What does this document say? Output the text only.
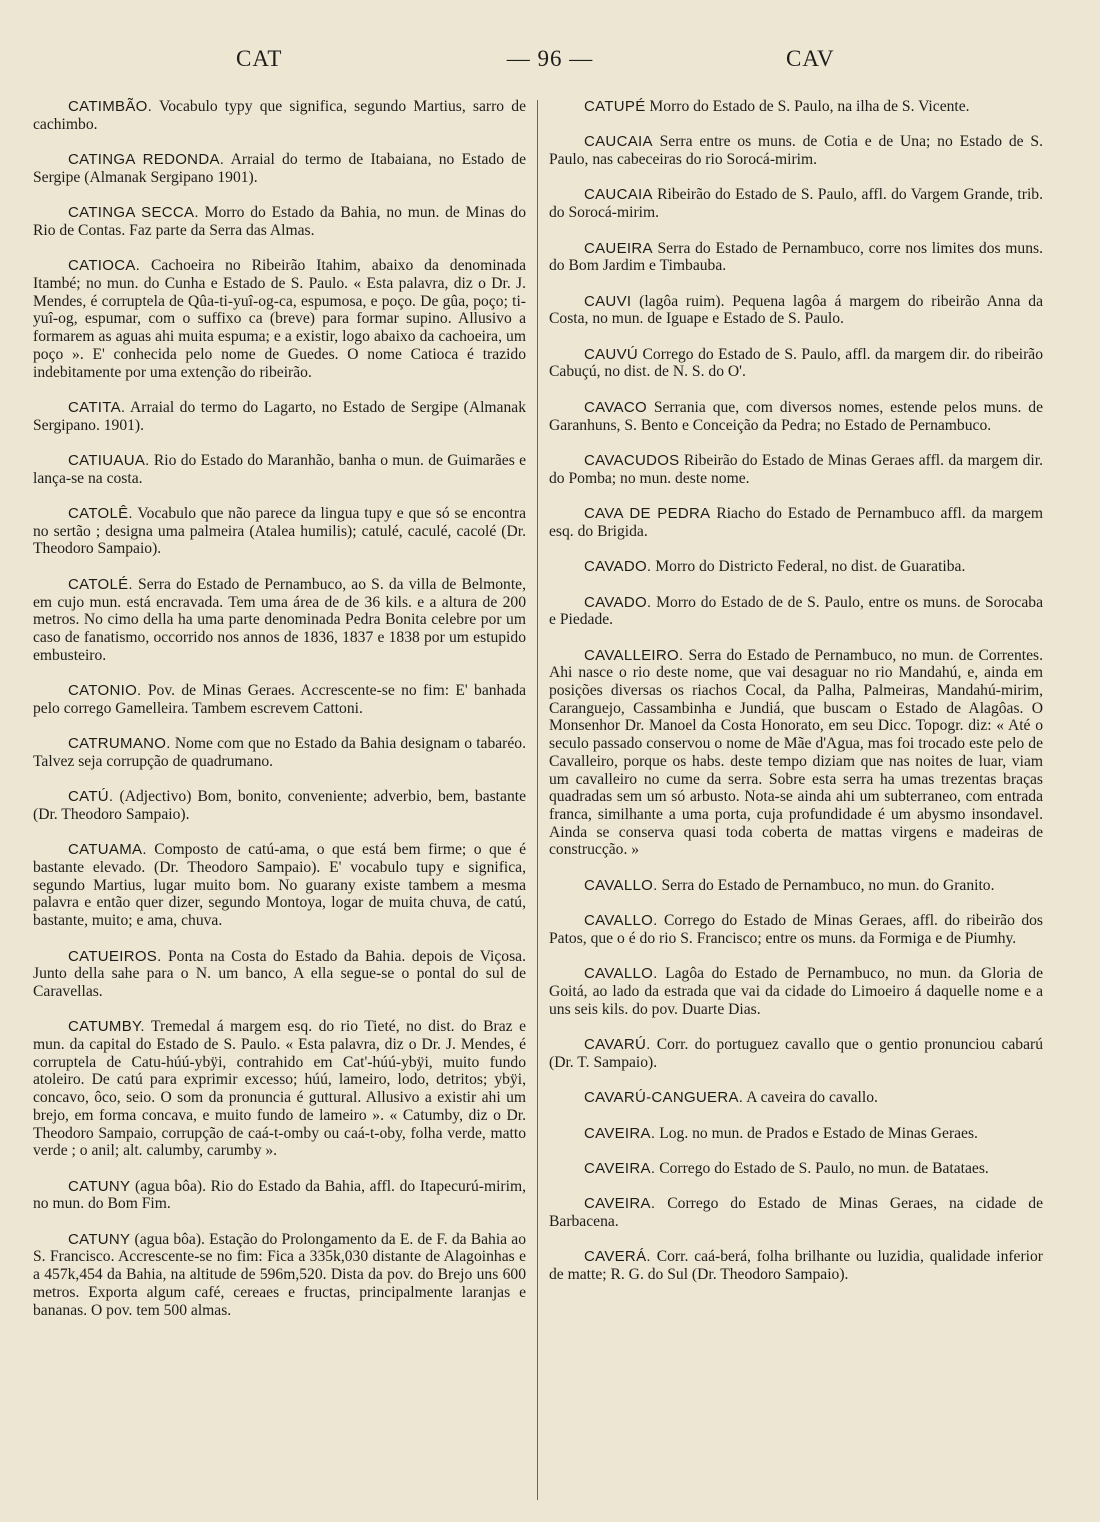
CAT	— 96 —	CAV

CATIMBÃO. Vocabulo typy que significa, segundo Martius, sarro de cachimbo.

CATINGA REDONDA. Arraial do termo de Itabaiana, no Estado de Sergipe (Almanak Sergipano 1901).

CATINGA SECCA. Morro do Estado da Bahia, no mun. de Minas do Rio de Contas. Faz parte da Serra das Almas.

CATIOCA. Cachoeira no Ribeirão Itahim, abaixo da denominada Itambé; no mun. do Cunha e Estado de S. Paulo. « Esta palavra, diz o Dr. J. Mendes, é corruptela de Qûa-ti-yuî-og-ca, espumosa, e poço. De gûa, poço; ti-yuî-og, espumar, com o suffixo ca (breve) para formar supino. Allusivo a formarem as aguas ahi muita espuma; e a existir, logo abaixo da cachoeira, um poço ». E' conhecida pelo nome de Guedes. O nome Catioca é trazido indebitamente por uma extenção do ribeirão.

CATITA. Arraial do termo do Lagarto, no Estado de Sergipe (Almanak Sergipano. 1901).

CATIUAUA. Rio do Estado do Maranhão, banha o mun. de Guimarães e lança-se na costa.

CATOLÊ. Vocabulo que não parece da lingua tupy e que só se encontra no sertão ; designa uma palmeira (Atalea humilis); catulé, caculé, cacolé (Dr. Theodoro Sampaio).

CATOLÉ. Serra do Estado de Pernambuco, ao S. da villa de Belmonte, em cujo mun. está encravada. Tem uma área de de 36 kils. e a altura de 200 metros. No cimo della ha uma parte denominada Pedra Bonita celebre por um caso de fanatismo, occorrido nos annos de 1836, 1837 e 1838 por um estupido embusteiro.

CATONIO. Pov. de Minas Geraes. Accrescente-se no fim: E' banhada pelo corrego Gamelleira. Tambem escrevem Cattoni.

CATRUMANO. Nome com que no Estado da Bahia designam o tabaréo. Talvez seja corrupção de quadrumano.

CATÚ. (Adjectivo) Bom, bonito, conveniente; adverbio, bem, bastante (Dr. Theodoro Sampaio).

CATUAMA. Composto de catú-ama, o que está bem firme; o que é bastante elevado. (Dr. Theodoro Sampaio). E' vocabulo tupy e significa, segundo Martius, lugar muito bom. No guarany existe tambem a mesma palavra e então quer dizer, segundo Montoya, logar de muita chuva, de catú, bastante, muito; e ama, chuva.

CATUEIROS. Ponta na Costa do Estado da Bahia. depois de Viçosa. Junto della sahe para o N. um banco, A ella segue-se o pontal do sul de Caravellas.

CATUMBY. Tremedal á margem esq. do rio Tieté, no dist. do Braz e mun. da capital do Estado de S. Paulo. « Esta palavra, diz o Dr. J. Mendes, é corruptela de Catu-húú-ybÿi, contrahido em Cat'-húú-ybÿi, muito fundo atoleiro. De catú para exprimir excesso; húú, lameiro, lodo, detritos; ybÿi, concavo, ôco, seio. O som da pronuncia é guttural. Allusivo a existir ahi um brejo, em forma concava, e muito fundo de lameiro ». « Catumby, diz o Dr. Theodoro Sampaio, corrupção de caá-t-omby ou caá-t-oby, folha verde, matto verde ; o anil; alt. calumby, carumby ».

CATUNY (agua bôa). Rio do Estado da Bahia, affl. do Itapecurú-mirim, no mun. do Bom Fim.

CATUNY (agua bôa). Estação do Prolongamento da E. de F. da Bahia ao S. Francisco. Accrescente-se no fim: Fica a 335k,030 distante de Alagoinhas e a 457k,454 da Bahia, na altitude de 596m,520. Dista da pov. do Brejo uns 600 metros. Exporta algum café, cereaes e fructas, principalmente laranjas e bananas. O pov. tem 500 almas.

CATUPÉ Morro do Estado de S. Paulo, na ilha de S. Vicente.

CAUCAIA Serra entre os muns. de Cotia e de Una; no Estado de S. Paulo, nas cabeceiras do rio Sorocá-mirim.

CAUCAIA Ribeirão do Estado de S. Paulo, affl. do Vargem Grande, trib. do Sorocá-mirim.

CAUEIRA Serra do Estado de Pernambuco, corre nos limites dos muns. do Bom Jardim e Timbauba.

CAUVI (lagôa ruim). Pequena lagôa á margem do ribeirão Anna da Costa, no mun. de Iguape e Estado de S. Paulo.

CAUVÚ Corrego do Estado de S. Paulo, affl. da margem dir. do ribeirão Cabuçú, no dist. de N. S. do O'.

CAVACO Serrania que, com diversos nomes, estende pelos muns. de Garanhuns, S. Bento e Conceição da Pedra; no Estado de Pernambuco.

CAVACUDOS Ribeirão do Estado de Minas Geraes affl. da margem dir. do Pomba; no mun. deste nome.

CAVA DE PEDRA Riacho do Estado de Pernambuco affl. da margem esq. do Brigida.

CAVADO. Morro do Districto Federal, no dist. de Guaratiba.

CAVADO. Morro do Estado de de S. Paulo, entre os muns. de Sorocaba e Piedade.

CAVALLEIRO. Serra do Estado de Pernambuco, no mun. de Correntes. Ahi nasce o rio deste nome, que vai desaguar no rio Mandahú, e, ainda em posições diversas os riachos Cocal, da Palha, Palmeiras, Mandahú-mirim, Caranguejo, Cassambinha e Jundiá, que buscam o Estado de Alagôas. O Monsenhor Dr. Manoel da Costa Honorato, em seu Dicc. Topogr. diz: « Até o seculo passado conservou o nome de Mãe d'Agua, mas foi trocado este pelo de Cavalleiro, porque os habs. deste tempo diziam que nas noites de luar, viam um cavalleiro no cume da serra. Sobre esta serra ha umas trezentas braças quadradas sem um só arbusto. Nota-se ainda ahi um subterraneo, com entrada franca, similhante a uma porta, cuja profundidade é um abysmo insondavel. Ainda se conserva quasi toda coberta de mattas virgens e madeiras de construcção. »

CAVALLO. Serra do Estado de Pernambuco, no mun. do Granito.

CAVALLO. Corrego do Estado de Minas Geraes, affl. do ribeirão dos Patos, que o é do rio S. Francisco; entre os muns. da Formiga e de Piumhy.

CAVALLO. Lagôa do Estado de Pernambuco, no mun. da Gloria de Goitá, ao lado da estrada que vai da cidade do Limoeiro á daquelle nome e a uns seis kils. do pov. Duarte Dias.

CAVARÚ. Corr. do portuguez cavallo que o gentio pronunciou cabarú (Dr. T. Sampaio).

CAVARÚ-CANGUERA. A caveira do cavallo.

CAVEIRA. Log. no mun. de Prados e Estado de Minas Geraes.

CAVEIRA. Corrego do Estado de S. Paulo, no mun. de Batataes.

CAVEIRA. Corrego do Estado de Minas Geraes, na cidade de Barbacena.

CAVERÁ. Corr. caá-berá, folha brilhante ou luzidia, qualidade inferior de matte; R. G. do Sul (Dr. Theodoro Sampaio).
